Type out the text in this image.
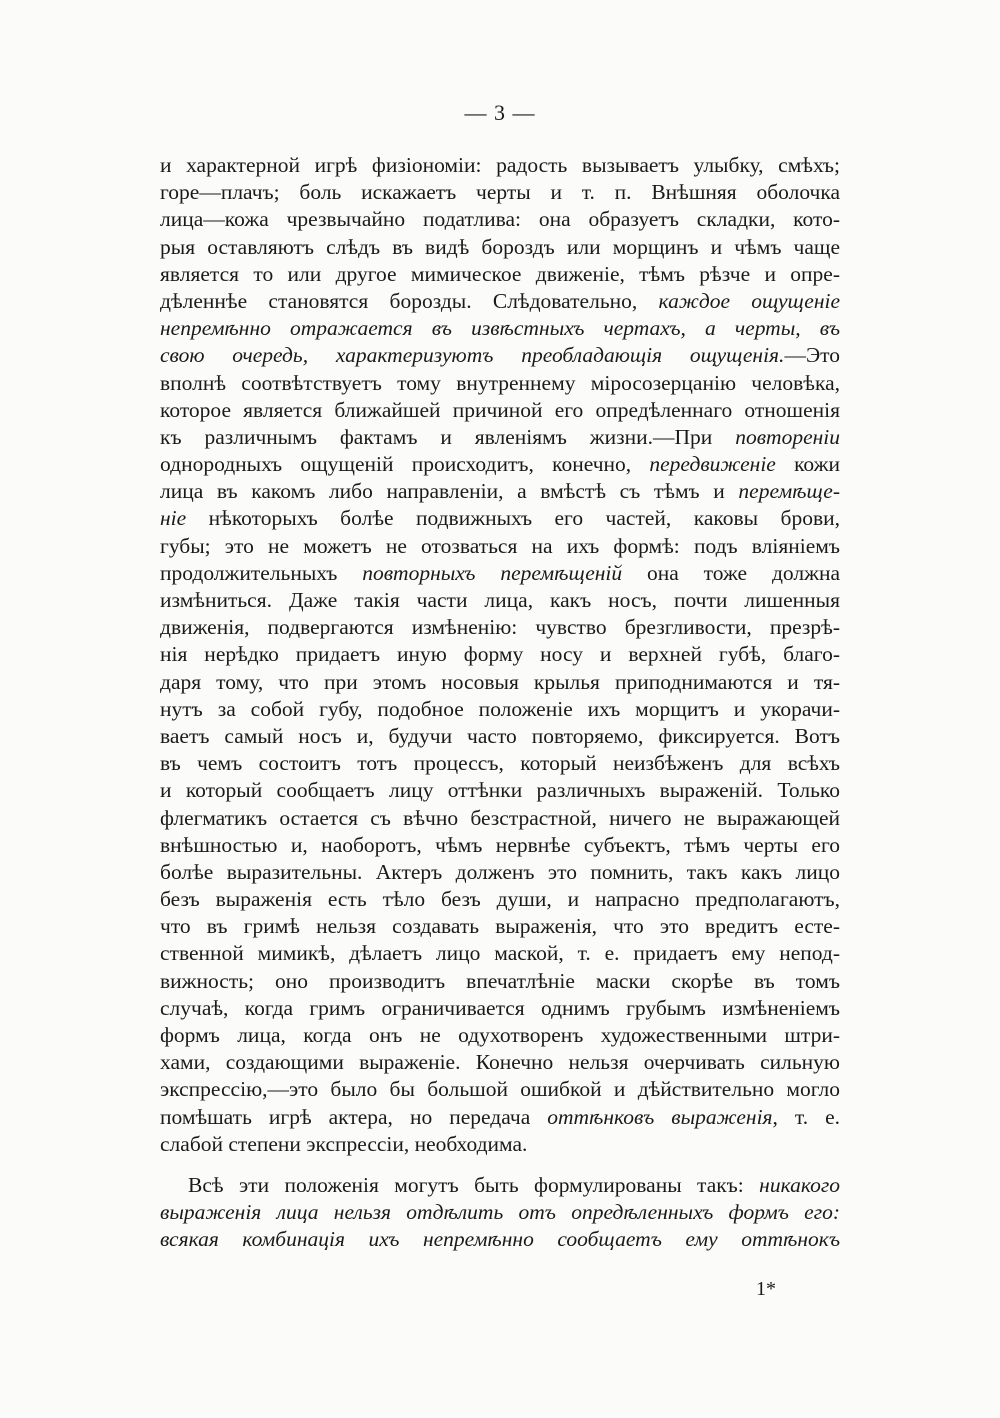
— 3 —
и характерной игрѣ физіономіи: радость вызываетъ улыбку, смѣхъ;
горе—плачъ; боль искажаетъ черты и т. п. Внѣшняя оболочка
лица—кожа чрезвычайно податлива: она образуетъ складки, кото-
рыя оставляютъ слѣдъ въ видѣ бороздъ или морщинъ и чѣмъ чаще
является то или другое мимическое движеніе, тѣмъ рѣзче и опре-
дѣленнѣе становятся борозды. Слѣдовательно, каждое ощущеніе
непремѣнно отражается въ извѣстныхъ чертахъ, а черты, въ
свою очередь, характеризуютъ преобладающія ощущенія.—Это
вполнѣ соотвѣтствуетъ тому внутреннему міросозерцанію человѣка,
которое является ближайшей причиной его опредѣленнаго отношенія
къ различнымъ фактамъ и явленіямъ жизни.—При повтореніи
однородныхъ ощущеній происходитъ, конечно, передвиженіе кожи
лица въ какомъ либо направленіи, а вмѣстѣ съ тѣмъ и перемѣще-
ніе нѣкоторыхъ болѣе подвижныхъ его частей, каковы брови,
губы; это не можетъ не отозваться на ихъ формѣ: подъ вліяніемъ
продолжительныхъ повторныхъ перемѣщеній она тоже должна
измѣниться. Даже такія части лица, какъ носъ, почти лишенныя
движенія, подвергаются измѣненію: чувство брезгливости, презрѣ-
нія нерѣдко придаетъ иную форму носу и верхней губѣ, благо-
даря тому, что при этомъ носовыя крылья приподнимаются и тя-
нутъ за собой губу, подобное положеніе ихъ морщитъ и укорачи-
ваетъ самый носъ и, будучи часто повторяемо, фиксируется. Вотъ
въ чемъ состоитъ тотъ процессъ, который неизбѣженъ для всѣхъ
и который сообщаетъ лицу оттѣнки различныхъ выраженій. Только
флегматикъ остается съ вѣчно безстрастной, ничего не выражающей
внѣшностью и, наоборотъ, чѣмъ нервнѣе субъектъ, тѣмъ черты его
болѣе выразительны. Актеръ долженъ это помнить, такъ какъ лицо
безъ выраженія есть тѣло безъ души, и напрасно предполагаютъ,
что въ гримѣ нельзя создавать выраженія, что это вредитъ есте-
ственной мимикѣ, дѣлаетъ лицо маской, т. е. придаетъ ему непод-
вижность; оно производитъ впечатлѣніе маски скорѣе въ томъ
случаѣ, когда гримъ ограничивается однимъ грубымъ измѣненіемъ
формъ лица, когда онъ не одухотворенъ художественными штри-
хами, создающими выраженіе. Конечно нельзя очерчивать сильную
экспрессію,—это было бы большой ошибкой и дѣйствительно могло
помѣшать игрѣ актера, но передача оттѣнковъ выраженія, т. е.
слабой степени экспрессіи, необходима.
Всѣ эти положенія могутъ быть формулированы такъ: никакого
выраженія лица нельзя отдѣлить отъ опредѣленныхъ формъ его:
всякая комбинація ихъ непремѣнно сообщаетъ ему оттѣнокъ
1*
